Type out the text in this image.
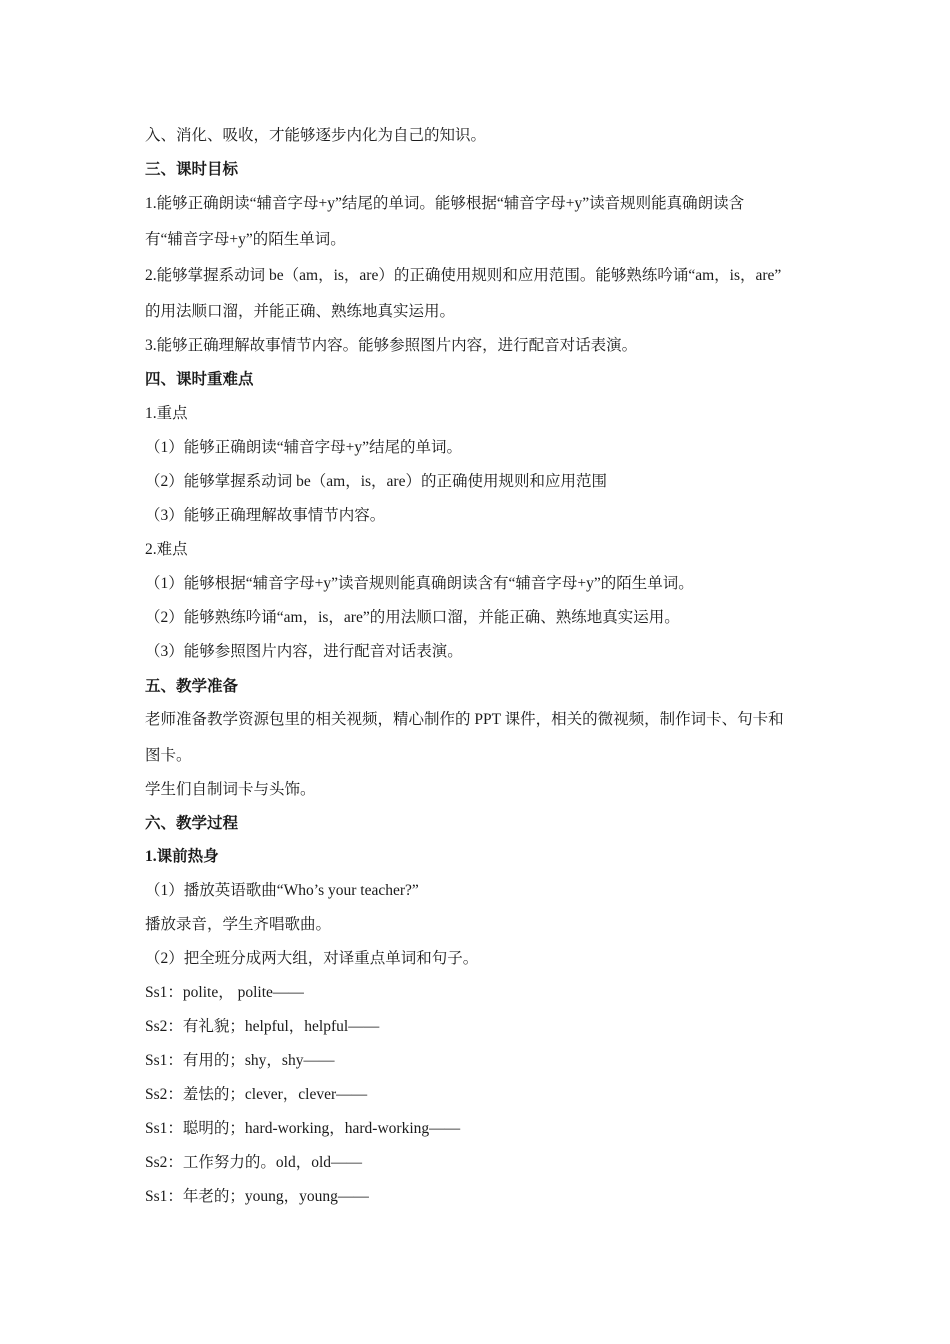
入、消化、吸收，才能够逐步内化为自己的知识。
三、课时目标
1.能够正确朗读“辅音字母+y”结尾的单词。能够根据“辅音字母+y”读音规则能真确朗读含
有“辅音字母+y”的陌生单词。
2.能够掌握系动词 be（am，is，are）的正确使用规则和应用范围。能够熟练吟诵“am，is，are”
的用法顺口溜，并能正确、熟练地真实运用。
3.能够正确理解故事情节内容。能够参照图片内容，进行配音对话表演。
四、课时重难点
1.重点
（1）能够正确朗读“辅音字母+y”结尾的单词。
（2）能够掌握系动词 be（am，is，are）的正确使用规则和应用范围
（3）能够正确理解故事情节内容。
2.难点
（1）能够根据“辅音字母+y”读音规则能真确朗读含有“辅音字母+y”的陌生单词。
（2）能够熟练吟诵“am，is，are”的用法顺口溜，并能正确、熟练地真实运用。
（3）能够参照图片内容，进行配音对话表演。
五、教学准备
老师准备教学资源包里的相关视频，精心制作的 PPT 课件，相关的微视频，制作词卡、句卡和
图卡。
学生们自制词卡与头饰。
六、教学过程
1.课前热身
（1）播放英语歌曲“Who’s your teacher?”
播放录音，学生齐唱歌曲。
（2）把全班分成两大组，对译重点单词和句子。
Ss1：polite， polite——
Ss2：有礼貌；helpful，helpful——
Ss1：有用的；shy，shy——
Ss2：羞怯的；clever，clever——
Ss1：聪明的；hard-working，hard-working——
Ss2：工作努力的。old，old——
Ss1：年老的；young，young——
